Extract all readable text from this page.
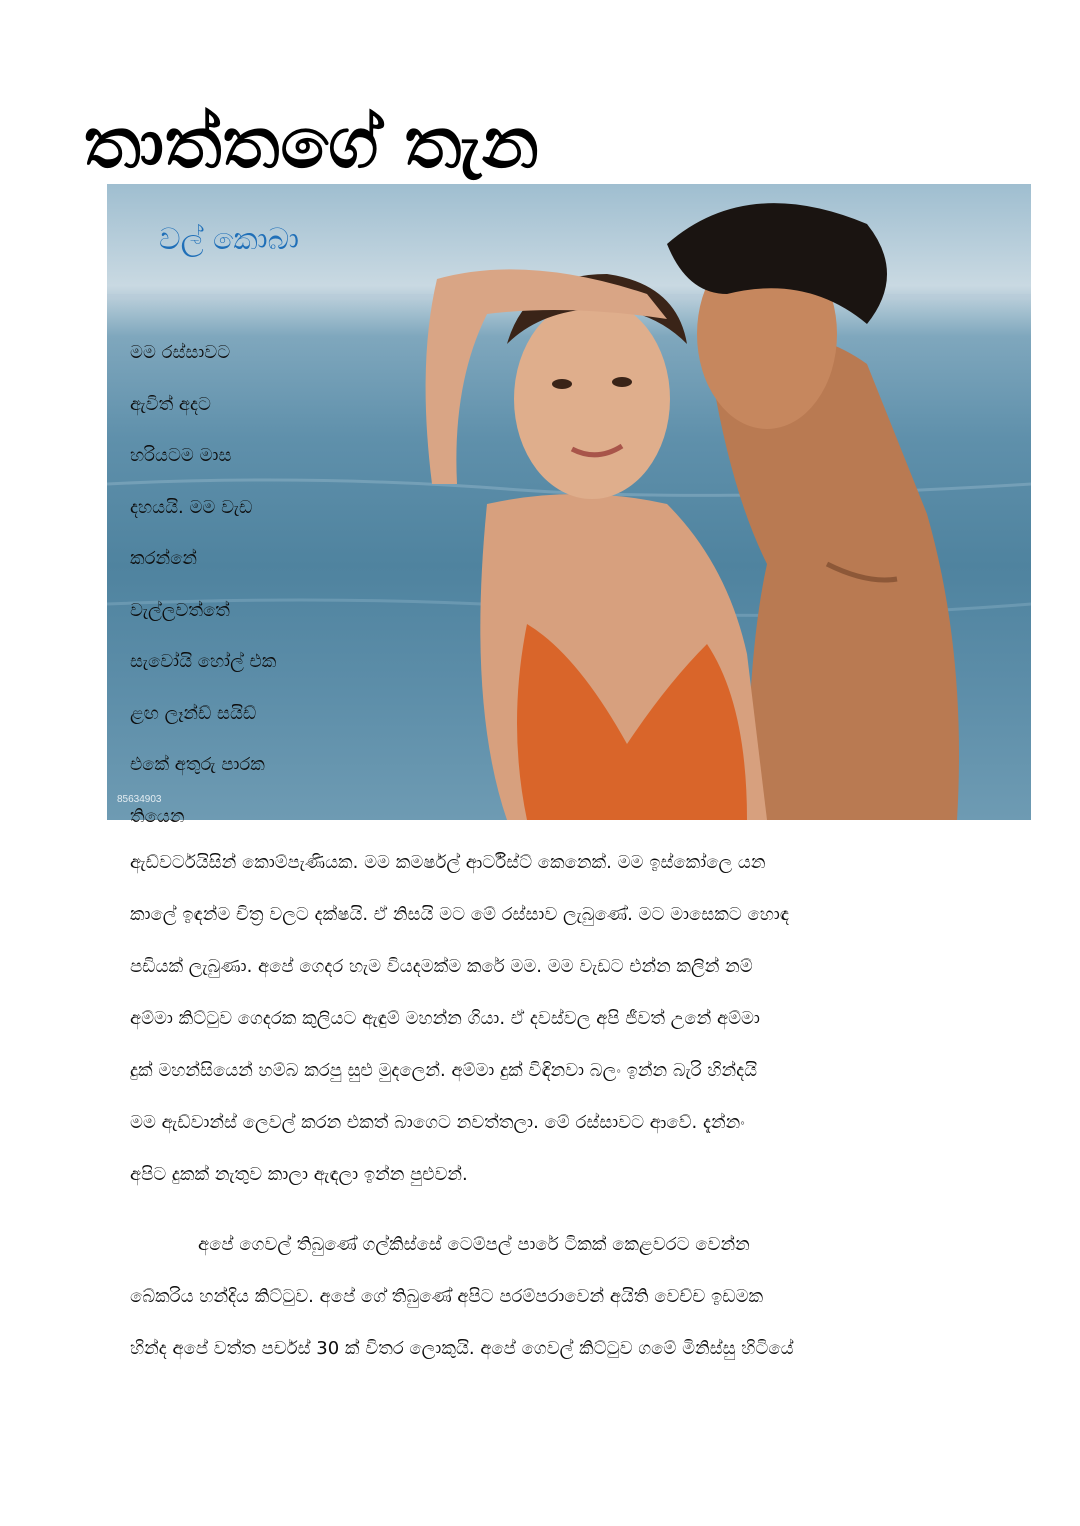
තාත්තගේ තැන
වල් කොබා
85634903
මම රස්සාවට
ඇවිත් අදට
හරියටම මාස
දහයයි. මම වැඩ
කරන්නේ
වැල්ලවත්තේ
සැවෝයි හෝල් එක
ළඟ ලෑන්ඩ් සයිඩ්
එකේ අතුරු පාරක
තියෙන
ඇඩ්වර්ටයිසින් කොම්පැණියක. මම කමර්ෂල් ආර්ටිස්ට් කෙනෙක්. මම ඉස්කෝලෙ යන
කාලේ ඉඳන්ම චිත්‍ර වලට දක්ෂයි. ඒ නිසයි මට මේ රස්සාව ලැබුණේ. මට මාසෙකට හොඳ
පඩියක් ලැබුණා. අපේ ගෙදර හැම වියදමක්ම කරේ මම. මම වැඩට එන්න කලින් නම්
අම්මා කිට්ටුව ගෙදරක කුලියට ඇඳුම් මහන්න ගියා. ඒ දවස්වල අපි ජීවත් උනේ අම්මා
දුක් මහන්සියෙන් හම්බ කරපු සුළු මුදලෙන්. අම්මා දුක් විඳිනවා බලං ඉන්න බැරි හින්දයි
මම ඇඩ්වාන්ස් ලෙවල් කරන එකත් බාගෙට නවත්තලා. මේ රස්සාවට ආවේ. දැන්නං
අපිට දුකක් නැතුව කාලා ඇඳලා ඉන්න පුළුවන්.
අපේ ගෙවල් තිබුණේ ගල්කිස්සේ ටෙම්පල් පාරේ ටිකක් කෙළවරට වෙන්න
බේකරිය හන්දිය කිට්ටුව. අපේ ගේ තිබුණේ අපිට පරම්පරාවෙන් අයිති වෙච්ච ඉඩමක
හින්ද අපේ වත්ත පර්චස් 30 ක් විතර ලොකුයි. අපේ ගෙවල් කිට්ටුව ගමේ මිනිස්සු හිටියේ
